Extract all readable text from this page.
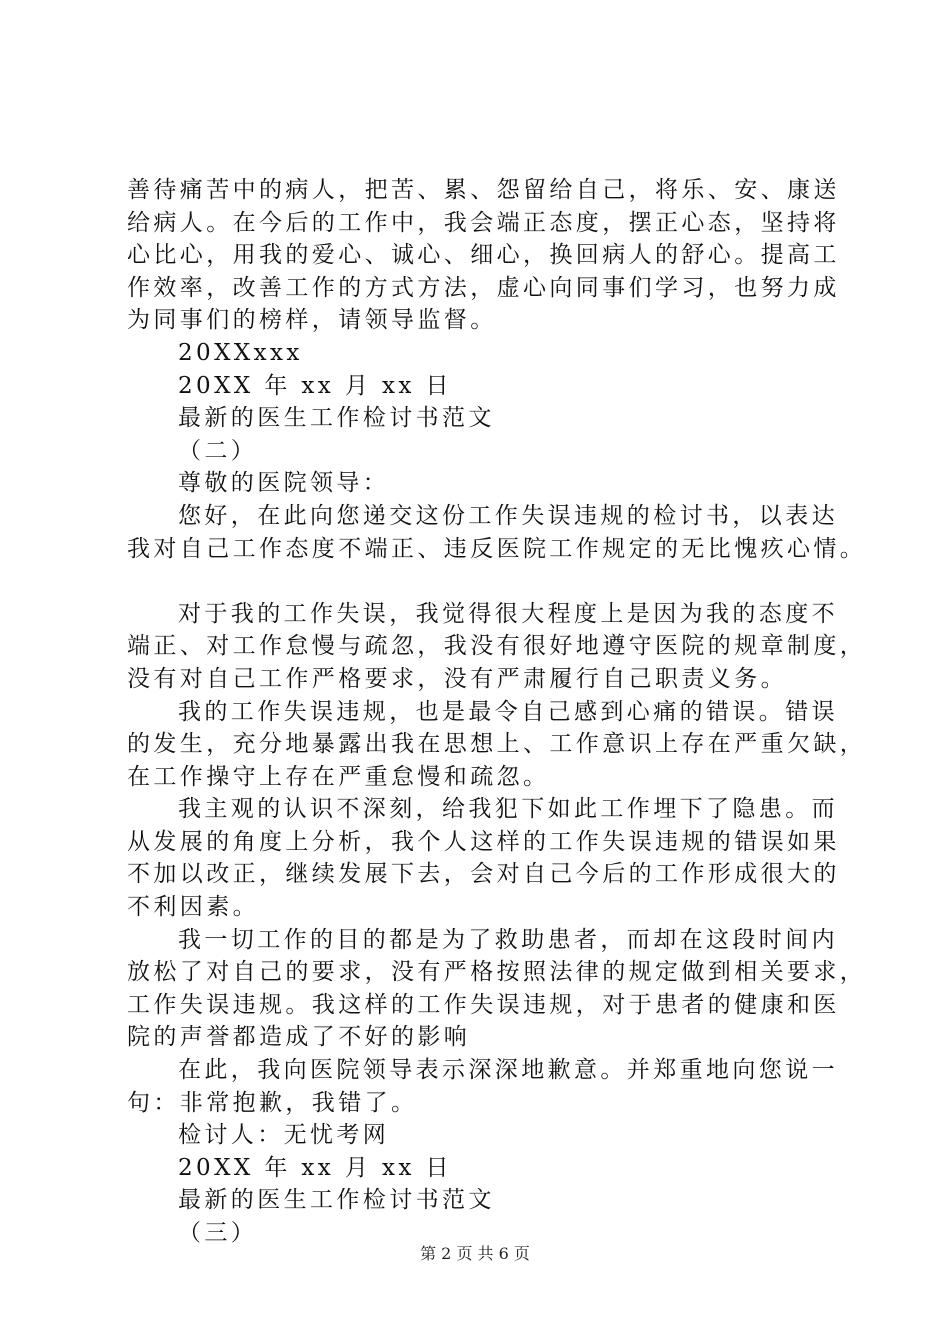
善待痛苦中的病人，把苦、累、怨留给自己，将乐、安、康送
给病人。在今后的工作中，我会端正态度，摆正心态，坚持将
心比心，用我的爱心、诚心、细心，换回病人的舒心。提高工
作效率，改善工作的方式方法，虚心向同事们学习，也努力成
为同事们的榜样，请领导监督。
20XXxxx
20XX 年 xx 月 xx 日
最新的医生工作检讨书范文
（二）
尊敬的医院领导：
您好，在此向您递交这份工作失误违规的检讨书，以表达
我对自己工作态度不端正、违反医院工作规定的无比愧疚心情。
对于我的工作失误，我觉得很大程度上是因为我的态度不
端正、对工作怠慢与疏忽，我没有很好地遵守医院的规章制度，
没有对自己工作严格要求，没有严肃履行自己职责义务。
我的工作失误违规，也是最令自己感到心痛的错误。错误
的发生，充分地暴露出我在思想上、工作意识上存在严重欠缺，
在工作操守上存在严重怠慢和疏忽。
我主观的认识不深刻，给我犯下如此工作埋下了隐患。而
从发展的角度上分析，我个人这样的工作失误违规的错误如果
不加以改正，继续发展下去，会对自己今后的工作形成很大的
不利因素。
我一切工作的目的都是为了救助患者，而却在这段时间内
放松了对自己的要求，没有严格按照法律的规定做到相关要求，
工作失误违规。我这样的工作失误违规，对于患者的健康和医
院的声誉都造成了不好的影响
在此，我向医院领导表示深深地歉意。并郑重地向您说一
句：非常抱歉，我错了。
检讨人：无忧考网
20XX 年 xx 月 xx 日
最新的医生工作检讨书范文
（三）
第 2 页 共 6 页
